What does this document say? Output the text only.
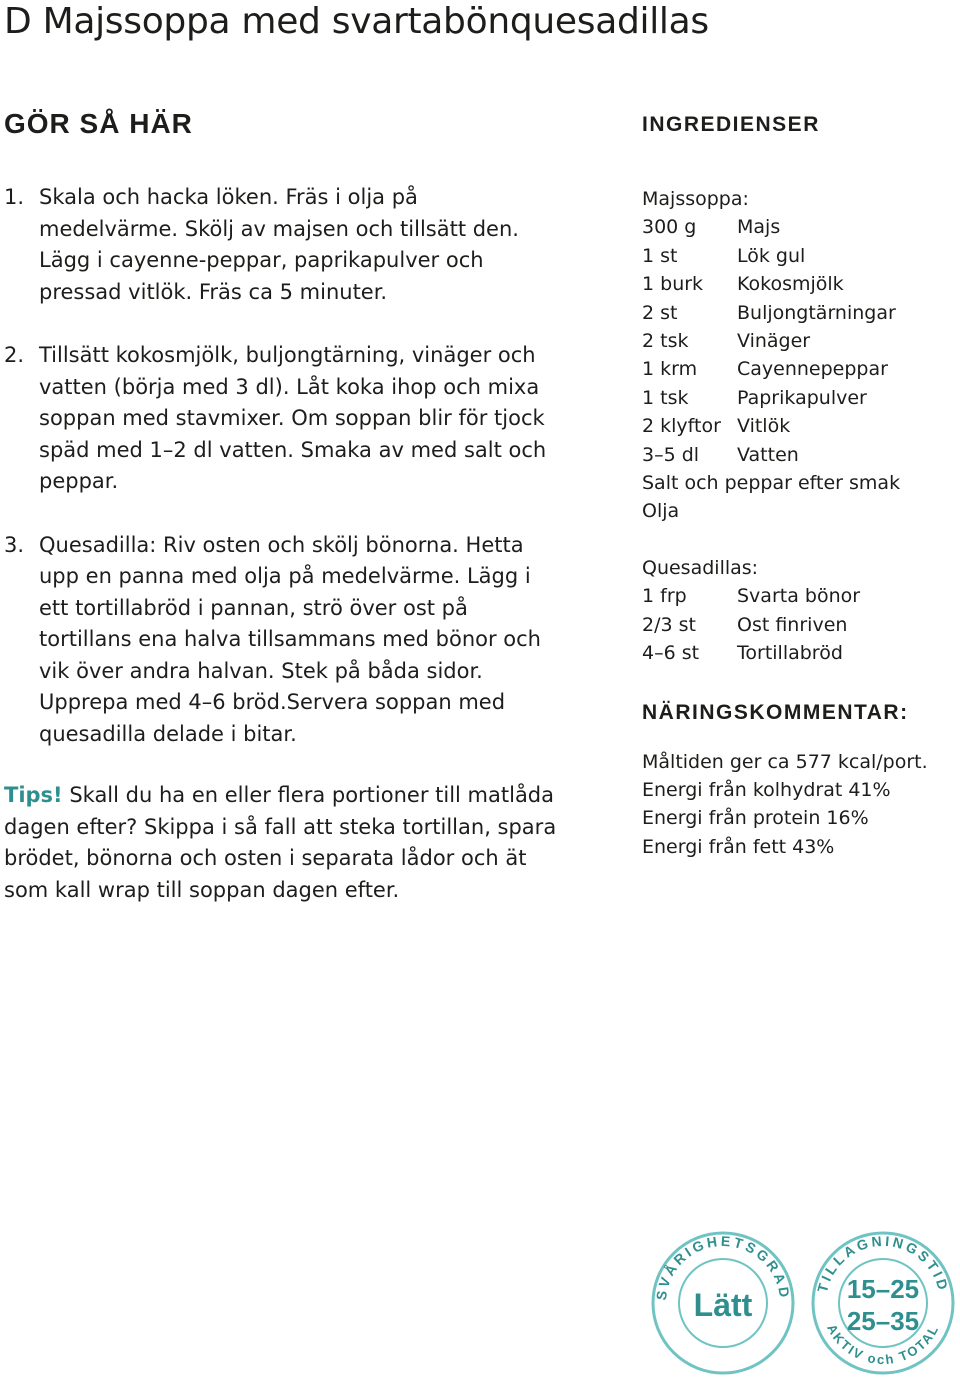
D Majssoppa med svartabönquesadillas
GÖR SÅ HÄR
1. Skala och hacka löken. Fräs i olja på medelvärme. Skölj av majsen och tillsätt den. Lägg i cayenne-peppar, paprikapulver och pressad vitlök. Fräs ca 5 minuter.
2. Tillsätt kokosmjölk, buljongtärning, vinäger och vatten (börja med 3 dl). Låt koka ihop och mixa soppan med stavmixer. Om soppan blir för tjock späd med 1–2 dl vatten. Smaka av med salt och peppar.
3. Quesadilla: Riv osten och skölj bönorna. Hetta upp en panna med olja på medelvärme. Lägg i ett tortillabröd i pannan, strö över ost på tortillans ena halva tillsammans med bönor och vik över andra halvan. Stek på båda sidor. Upprepa med 4–6 bröd.Servera soppan med quesadilla delade i bitar.

Tips! Skall du ha en eller flera portioner till matlåda dagen efter? Skippa i så fall att steka tortillan, spara brödet, bönorna och osten i separata lådor och ät som kall wrap till soppan dagen efter.

INGREDIENSER

Majssoppa:

300 g	Majs
1 st	Lök gul
1 burk	Kokosmjölk
2 st	Buljongtärningar
2 tsk	Vinäger
1 krm	Cayennepeppar
1 tsk	Paprikapulver
2 klyftor Vitlök
3–5 dl	Vatten

Salt och peppar efter smak

Olja

Quesadillas:

1 frp	Svarta bönor
2/3 st	Ost finriven
4–6 st	Tortillabröd
NÄRINGSKOMMENTAR:
Måltiden ger ca 577 kcal/port.
Energi från kolhydrat 41%
Energi från protein 16%
Energi från fett 43%
SVÅRIGHETSGRAD
Lätt
TILLAGNINGSTID
15–25
25–35
AKTIV och TOTAL
